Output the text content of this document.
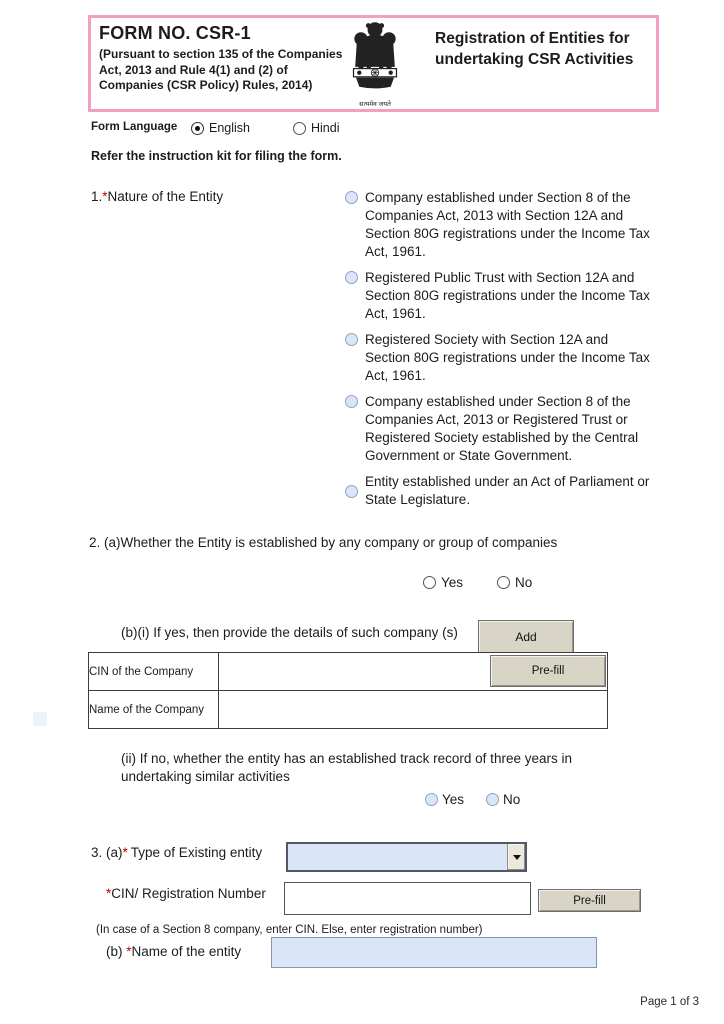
FORM NO. CSR-1
(Pursuant to section 135 of the Companies Act, 2013 and Rule 4(1) and (2) of Companies (CSR Policy) Rules, 2014)
सत्यमेव जयते
Registration of Entities for undertaking CSR Activities
Form Language	English	Hindi
Refer the instruction kit for filing the form.
1.*Nature of the Entity	Company established under Section 8 of the Companies Act, 2013 with Section 12A and Section 80G registrations under the Income Tax Act, 1961.
Registered Public Trust with Section 12A and Section 80G registrations under the Income Tax Act, 1961.
Registered Society with Section 12A and Section 80G registrations under the Income Tax Act, 1961.
Company established under Section 8 of the Companies Act, 2013 or Registered Trust or Registered Society established by the Central Government or State Government.
Entity established under an Act of Parliament or State Legislature.
2. (a)Whether the Entity is established by any company or group of companies
Yes	No
(b)(i) If yes, then provide the details of such company (s)	Add
CIN of the Company	
Name of the Company	
Pre-fill
(ii) If no, whether the entity has an established track record of three years in undertaking similar activities
Yes	No
3. (a)* Type of Existing entity
*CIN/ Registration Number	Pre-fill
(In case of a Section 8 company, enter CIN. Else, enter registration number)
(b) *Name of the entity
Page 1 of 3
